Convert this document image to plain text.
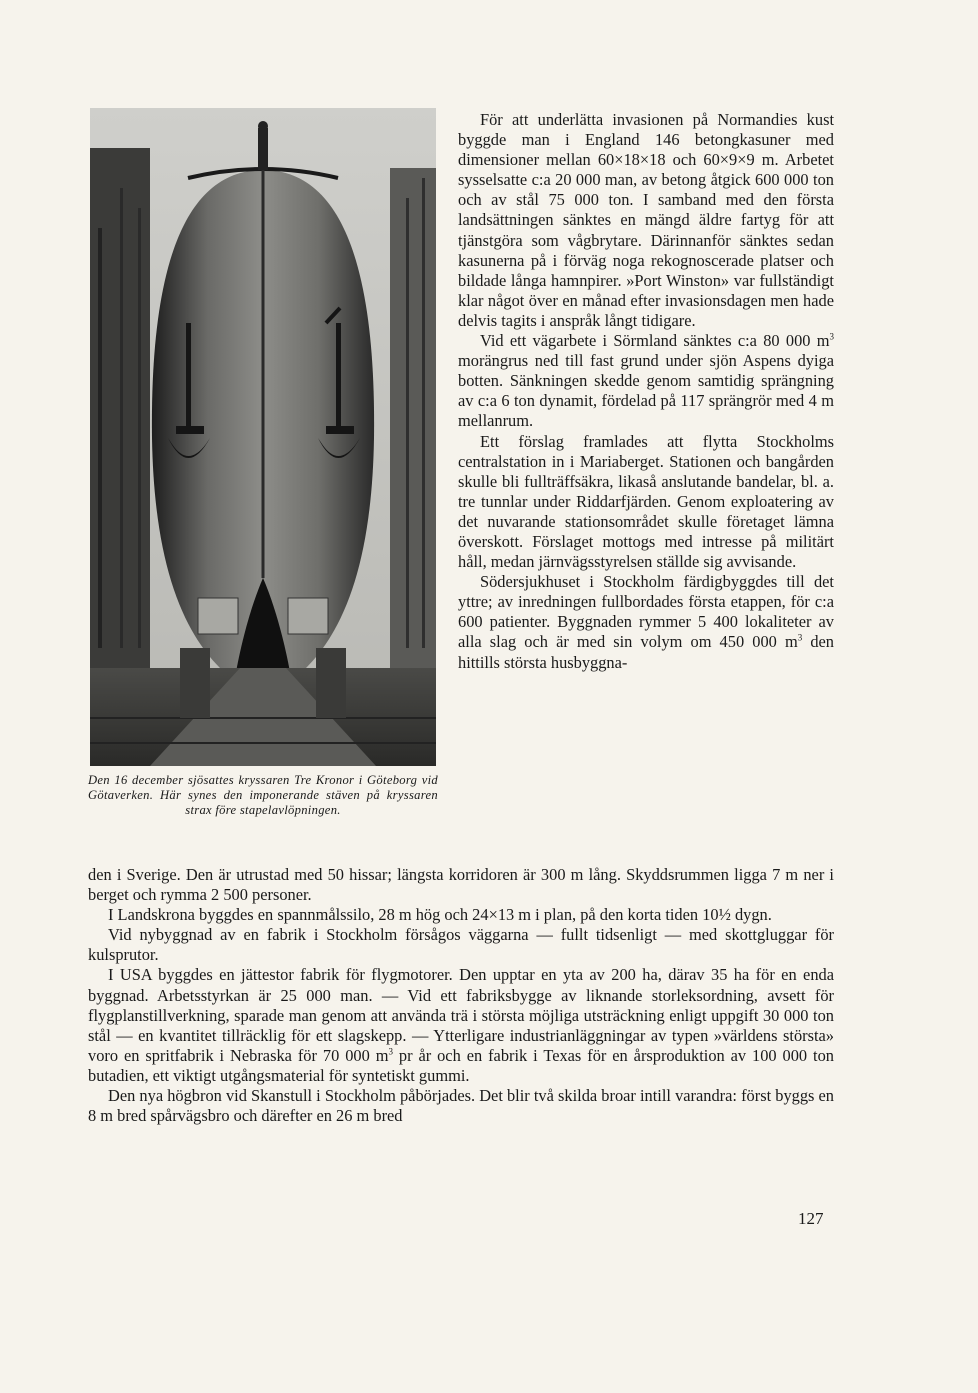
Den 16 december sjösattes kryssaren Tre Kronor i Göteborg vid Götaverken. Här synes den imponerande stäven på kryssaren strax före stapelavlöpningen.

För att underlätta invasionen på Normandies kust byggde man i England 146 betongkasuner med dimensioner mellan 60×18×18 och 60×9×9 m. Arbetet sysselsatte c:a 20 000 man, av betong åtgick 600 000 ton och av stål 75 000 ton. I samband med den första landsättningen sänktes en mängd äldre fartyg för att tjänstgöra som vågbrytare. Därinnanför sänktes sedan kasunerna på i förväg noga rekognoscerade platser och bildade långa hamnpirer. »Port Winston» var fullständigt klar något över en månad efter invasionsdagen men hade delvis tagits i anspråk långt tidigare.

Vid ett vägarbete i Sörmland sänktes c:a 80 000 $m^3$ morängrus ned till fast grund under sjön Aspens dyiga botten. Sänkningen skedde genom samtidig sprängning av c:a 6 ton dynamit, fördelad på 117 sprängrör med 4 m mellanrum.

Ett förslag framlades att flytta Stockholms centralstation in i Mariaberget. Stationen och bangården skulle bli fullträffsäkra, likaså anslutande bandelar, bl. a. tre tunnlar under Riddarfjärden. Genom exploatering av det nuvarande stationsområdet skulle företaget lämna överskott. Förslaget mottogs med intresse på militärt håll, medan järnvägsstyrelsen ställde sig avvisande.

Södersjukhuset i Stockholm färdigbyggdes till det yttre; av inredningen fullbordades första etappen, för c:a 600 patienter. Byggnaden rymmer 5 400 lokaliteter av alla slag och är med sin volym om 450 000 $m^3$ den hittills största husbyggna-

den i Sverige. Den är utrustad med 50 hissar; längsta korridoren är 300 m lång. Skyddsrummen ligga 7 m ner i berget och rymma 2 500 personer.

I Landskrona byggdes en spannmålssilo, 28 m hög och 24×13 m i plan, på den korta tiden 10½ dygn.

Vid nybyggnad av en fabrik i Stockholm försågos väggarna — fullt tidsenligt — med skottgluggar för kulsprutor.

I USA byggdes en jättestor fabrik för flygmotorer. Den upptar en yta av 200 ha, därav 35 ha för en enda byggnad. Arbetsstyrkan är 25 000 man. — Vid ett fabriksbygge av liknande storleksordning, avsett för flygplanstillverkning, sparade man genom att använda trä i största möjliga utsträckning enligt uppgift 30 000 ton stål — en kvantitet tillräcklig för ett slagskepp. — Ytterligare industrianläggningar av typen »världens största» voro en spritfabrik i Nebraska för 70 000 $m^3$ pr år och en fabrik i Texas för en årsproduktion av 100 000 ton butadien, ett viktigt utgångsmaterial för syntetiskt gummi.

Den nya högbron vid Skanstull i Stockholm påbörjades. Det blir två skilda broar intill varandra: först byggs en 8 m bred spårvägsbro och därefter en 26 m bred

127
